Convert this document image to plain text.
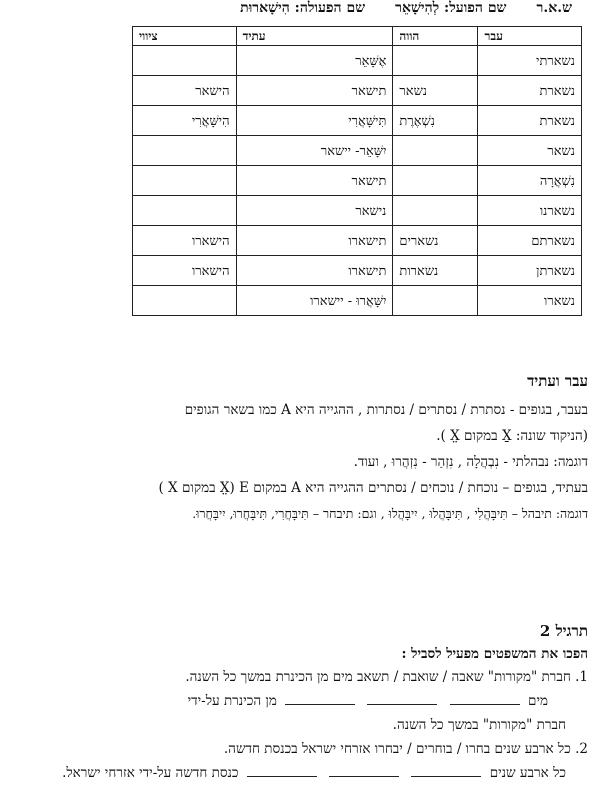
ש.א.ר
שם הפועל: לְהִישָׁאֵר
שם הפעולה: הִישָׁארוּת
עבר	הווה	עתיד	ציווי
נשארתי		אֶשָּׁאֵר	
נשארת	נשאר	תישאר	הישאר
נשארת	נִשְׁאֶרֶת	תִּישָּׁאֲרִי	הִישָּׁאֲרִי
נשאר		יִשָּׁאֵר- יישאר	
נִשְׁאֲרָה		תישאר	
נשארנו		נישאר	
נשארתם	נשארים	תישארו	הישארו
נשארתן	נשארות	תישארו	הישארו
נשארו		יִשָּׁאֲרוּ - יישארו	
עבר ועתיד

בעבר, בגופים - נסתרת / נסתרים / נסתרות , ההגייה היא A כמו בשאר הגופים

(הניקוד שונה: X̱ במקום X̤ ).

דוגמה: נבהלתי - נִבְהֲלָה , נִזְהַר - נִזְהֲרוּ , ועוד.

בעתיד, בגופים – נוכחת / נוכחים / נסתרים ההגייה היא A במקום E (X̤ במקום X )

דוגמה: תיבהל – תִּיבָּהֲלִי , תִּיבָּהֲלוּ , יִיבָּהֲלוּ , וגם: תיבחר – תִּיבָּחֲרִי, תִּיבָּחֲרוּ, יִיבָּחֲרוּ.

תרגיל 2

הפכו את המשפטים מפעיל לסביל :

1. חברת "מקורות" שאבה / שואבת / תשאב מים מן הכינרת במשך כל השנה.

מים    מן הכינרת על-ידי

חברת "מקורות" במשך כל השנה.

2. כל ארבע שנים בחרו / בוחרים / יבחרו אזרחי ישראל בכנסת חדשה.

כל ארבע שנים    כנסת חדשה על-ידי אזרחי ישראל.
